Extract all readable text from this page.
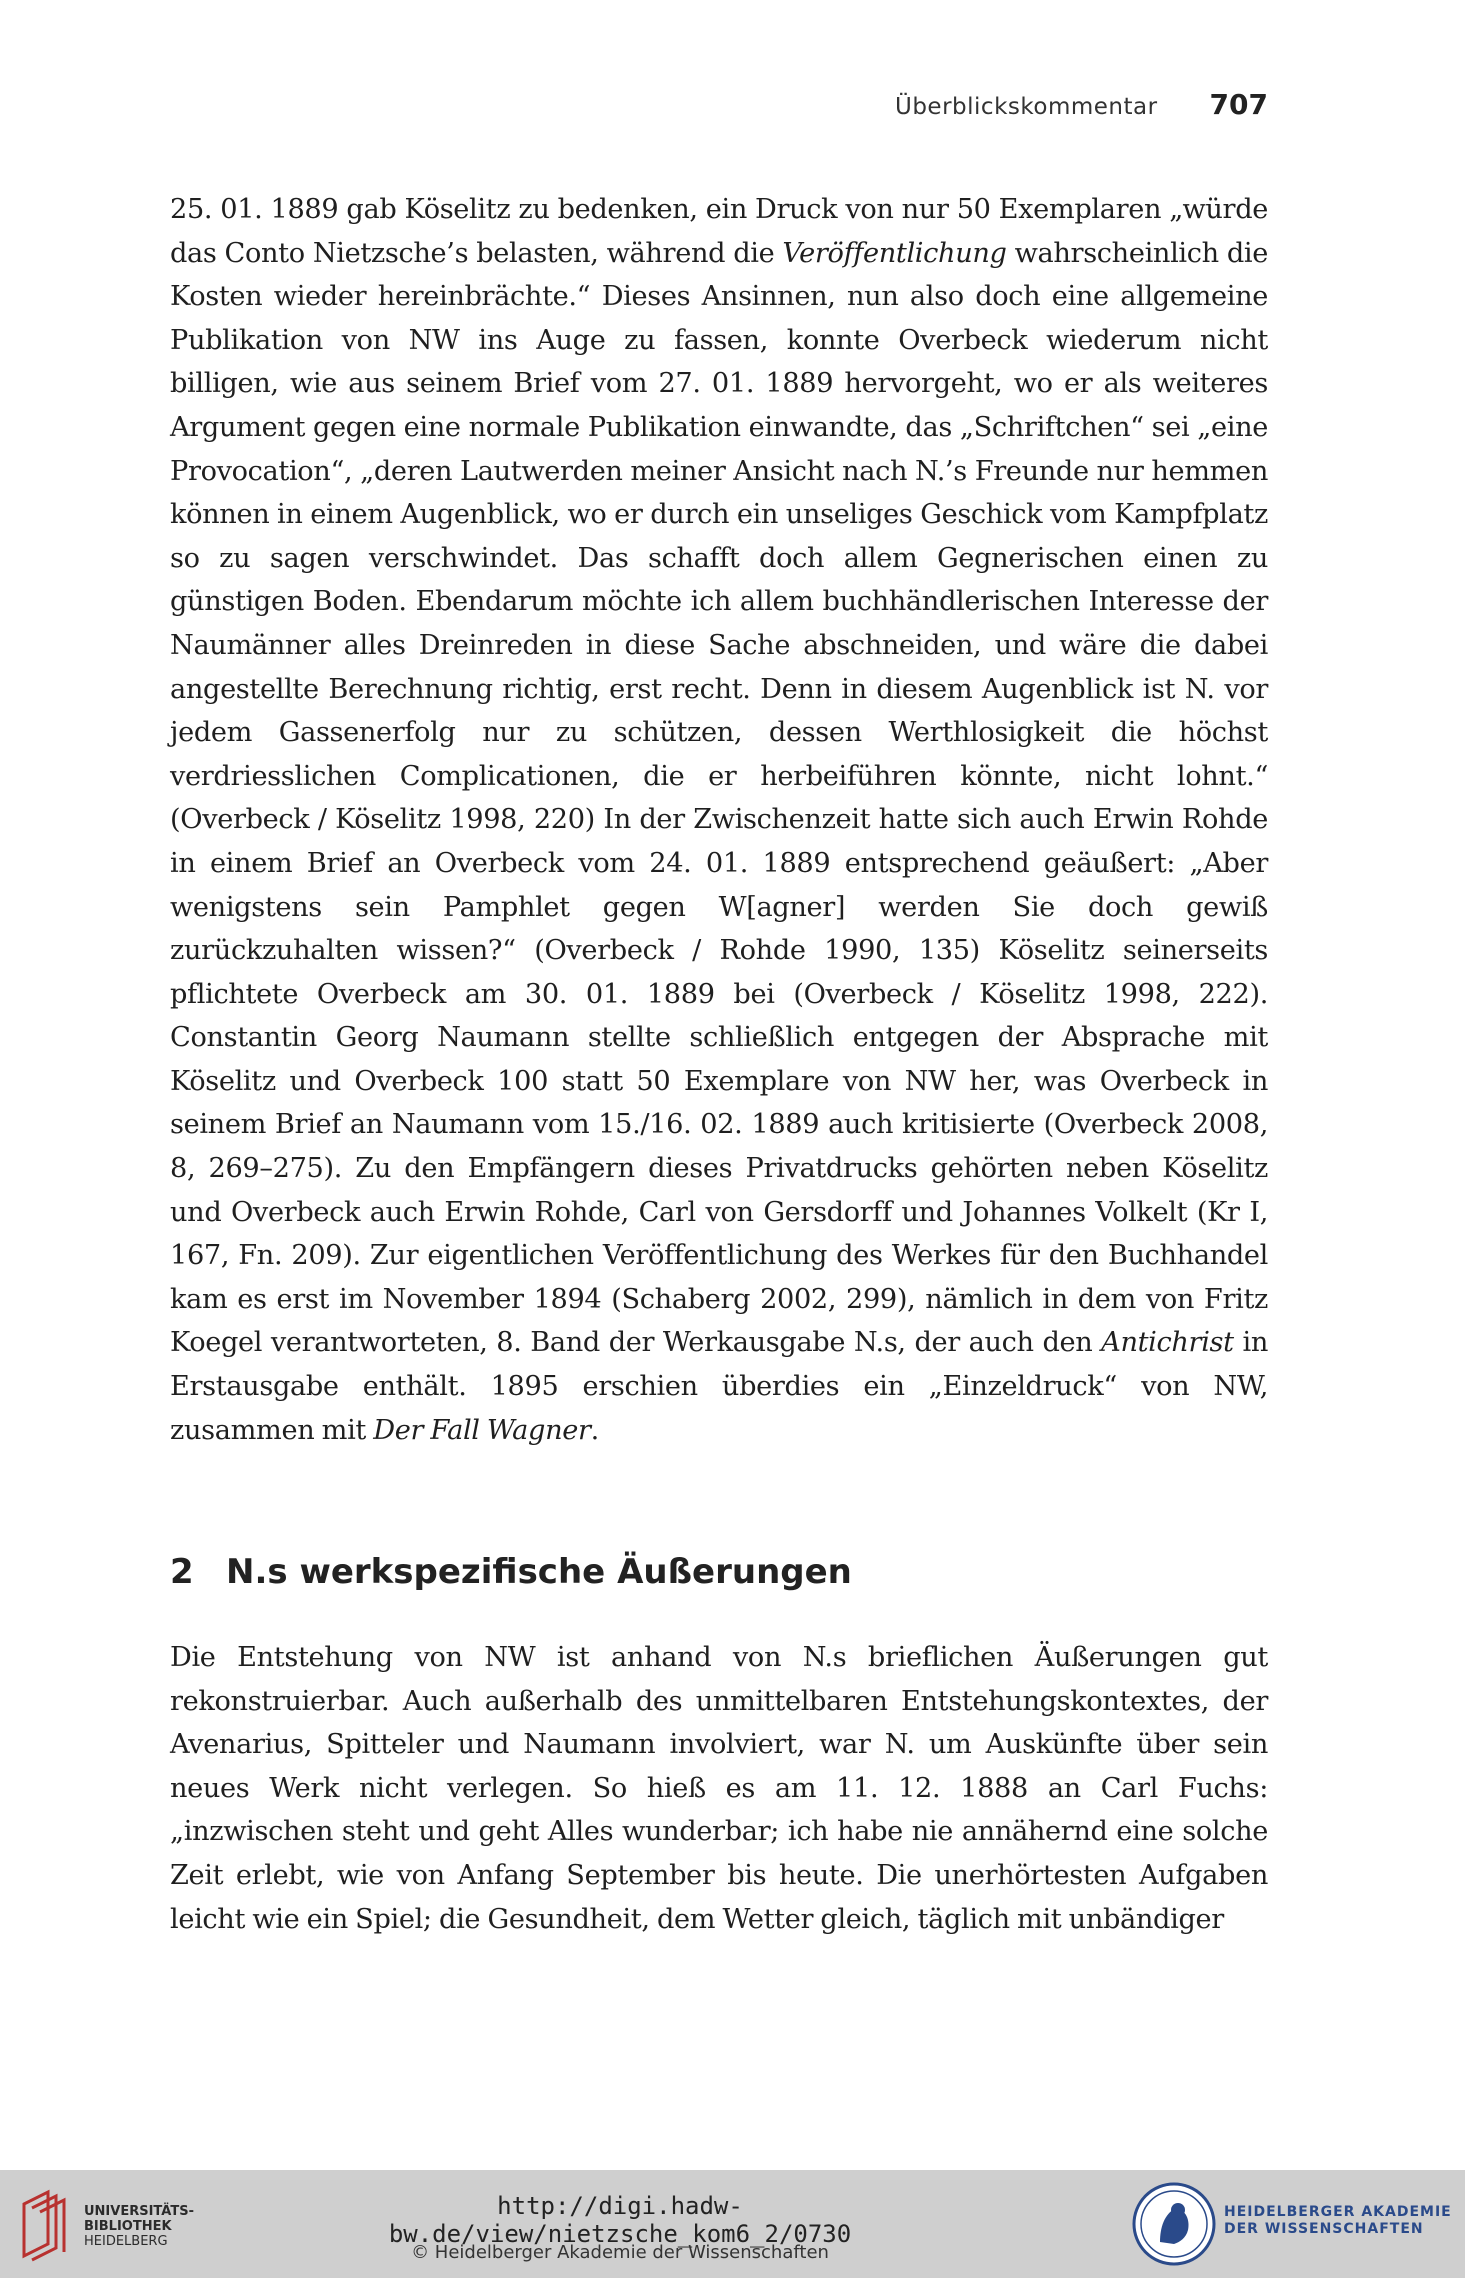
Überblickskommentar 707

25. 01. 1889 gab Köselitz zu bedenken, ein Druck von nur 50 Exemplaren „würde das Conto Nietzsche’s belasten, während die Veröffentlichung wahrscheinlich die Kosten wieder hereinbrächte.“ Dieses Ansinnen, nun also doch eine allgemeine Publikation von NW ins Auge zu fassen, konnte Overbeck wiederum nicht billigen, wie aus seinem Brief vom 27. 01. 1889 hervorgeht, wo er als weiteres Argument gegen eine normale Publikation einwandte, das „Schriftchen“ sei „eine Provocation“, „deren Lautwerden meiner Ansicht nach N.’s Freunde nur hemmen können in einem Augenblick, wo er durch ein unseliges Geschick vom Kampfplatz so zu sagen verschwindet. Das schafft doch allem Gegnerischen einen zu günstigen Boden. Ebendarum möchte ich allem buchhändlerischen Interesse der Naumänner alles Dreinreden in diese Sache abschneiden, und wäre die dabei angestellte Berechnung richtig, erst recht. Denn in diesem Augenblick ist N. vor jedem Gassenerfolg nur zu schützen, dessen Werthlosigkeit die höchst verdriesslichen Complicationen, die er herbeiführen könnte, nicht lohnt.“ (Overbeck / Köselitz 1998, 220) In der Zwischenzeit hatte sich auch Erwin Rohde in einem Brief an Overbeck vom 24. 01. 1889 entsprechend geäußert: „Aber wenigstens sein Pamphlet gegen W[agner] werden Sie doch gewiß zurückzuhalten wissen?“ (Overbeck / Rohde 1990, 135) Köselitz seinerseits pflichtete Overbeck am 30. 01. 1889 bei (Overbeck / Köselitz 1998, 222). Constantin Georg Naumann stellte schließlich entgegen der Absprache mit Köselitz und Overbeck 100 statt 50 Exemplare von NW her, was Overbeck in seinem Brief an Naumann vom 15./16. 02. 1889 auch kritisierte (Overbeck 2008, 8, 269–275). Zu den Empfängern dieses Privatdrucks gehörten neben Köselitz und Overbeck auch Erwin Rohde, Carl von Gersdorff und Johannes Volkelt (Kr I, 167, Fn. 209). Zur eigentlichen Veröffentlichung des Werkes für den Buchhandel kam es erst im November 1894 (Schaberg 2002, 299), nämlich in dem von Fritz Koegel verantworteten, 8. Band der Werkausgabe N.s, der auch den Antichrist in Erstausgabe enthält. 1895 erschien überdies ein „Einzeldruck“ von NW, zusammen mit Der Fall Wagner.

2 N.s werkspezifische Äußerungen

Die Entstehung von NW ist anhand von N.s brieflichen Äußerungen gut rekonstruierbar. Auch außerhalb des unmittelbaren Entstehungskontextes, der Avenarius, Spitteler und Naumann involviert, war N. um Auskünfte über sein neues Werk nicht verlegen. So hieß es am 11. 12. 1888 an Carl Fuchs: „inzwischen steht und geht Alles wunderbar; ich habe nie annähernd eine solche Zeit erlebt, wie von Anfang September bis heute. Die unerhörtesten Aufgaben leicht wie ein Spiel; die Gesundheit, dem Wetter gleich, täglich mit unbändiger

UNIVERSITÄTS-
BIBLIOTHEK
HEIDELBERG
http://digi.hadw-bw.de/view/nietzsche_kom6_2/0730
© Heidelberger Akademie der Wissenschaften
HEIDELBERGER AKADEMIE
DER WISSENSCHAFTEN
